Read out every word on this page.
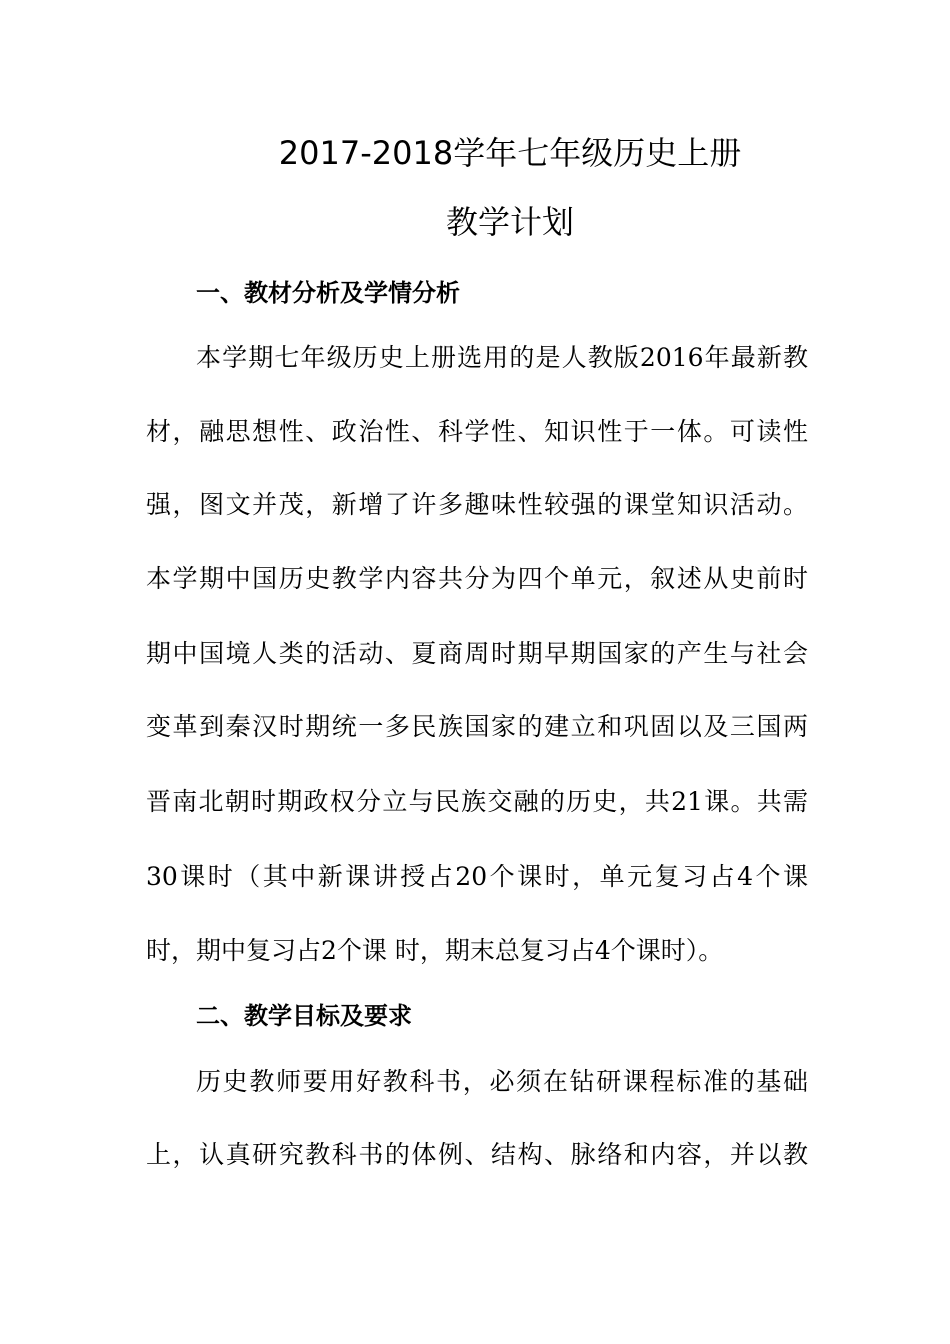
2017-2018学年七年级历史上册
教学计划
一、教材分析及学情分析
本学期七年级历史上册选用的是人教版2016年最新教
材，融思想性、政治性、科学性、知识性于一体。可读性
强，图文并茂，新增了许多趣味性较强的课堂知识活动。
本学期中国历史教学内容共分为四个单元，叙述从史前时
期中国境人类的活动、夏商周时期早期国家的产生与社会
变革到秦汉时期统一多民族国家的建立和巩固以及三国两
晋南北朝时期政权分立与民族交融的历史，共21课。共需
30课时（其中新课讲授占20个课时，单元复习占4个课
时，期中复习占2个课 时，期末总复习占4个课时）。
二、教学目标及要求
历史教师要用好教科书，必须在钻研课程标准的基础
上，认真研究教科书的体例、结构、脉络和内容，并以教
